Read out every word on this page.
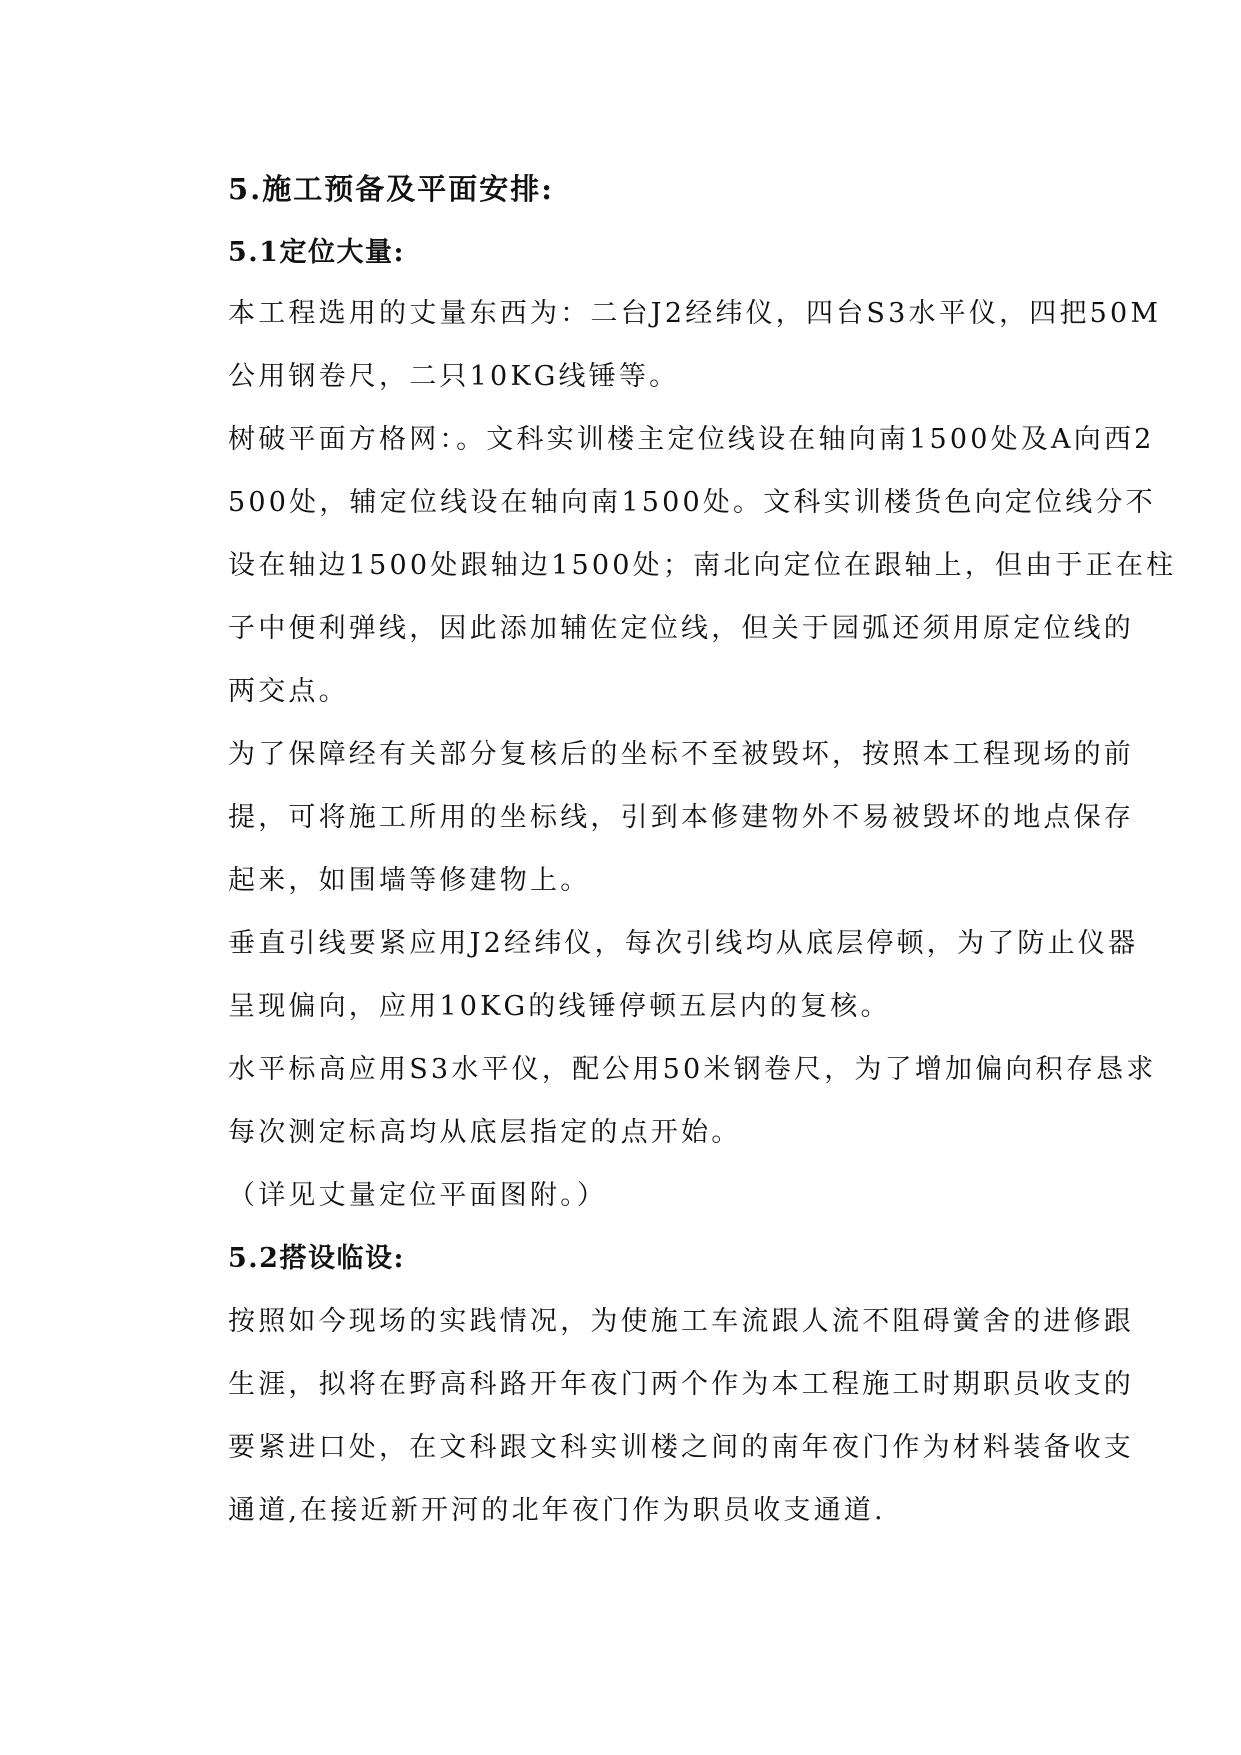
5.施工预备及平面安排:
5.1定位大量:
本工程选用的丈量东西为：二台J2经纬仪，四台S3水平仪，四把50M
公用钢卷尺，二只10KG线锤等。
树破平面方格网：。文科实训楼主定位线设在轴向南1500处及A向西2
500处，辅定位线设在轴向南1500处。文科实训楼货色向定位线分不
设在轴边1500处跟轴边1500处；南北向定位在跟轴上，但由于正在柱
子中便利弹线，因此添加辅佐定位线，但关于园弧还须用原定位线的
两交点。
为了保障经有关部分复核后的坐标不至被毁坏，按照本工程现场的前
提，可将施工所用的坐标线，引到本修建物外不易被毁坏的地点保存
起来，如围墙等修建物上。
垂直引线要紧应用J2经纬仪，每次引线均从底层停顿，为了防止仪器
呈现偏向，应用10KG的线锤停顿五层内的复核。
水平标高应用S3水平仪，配公用50米钢卷尺，为了增加偏向积存恳求
每次测定标高均从底层指定的点开始。
（详见丈量定位平面图附。）
5.2搭设临设:
按照如今现场的实践情况，为使施工车流跟人流不阻碍黉舍的进修跟
生涯，拟将在野高科路开年夜门两个作为本工程施工时期职员收支的
要紧进口处，在文科跟文科实训楼之间的南年夜门作为材料装备收支
通道,在接近新开河的北年夜门作为职员收支通道.
